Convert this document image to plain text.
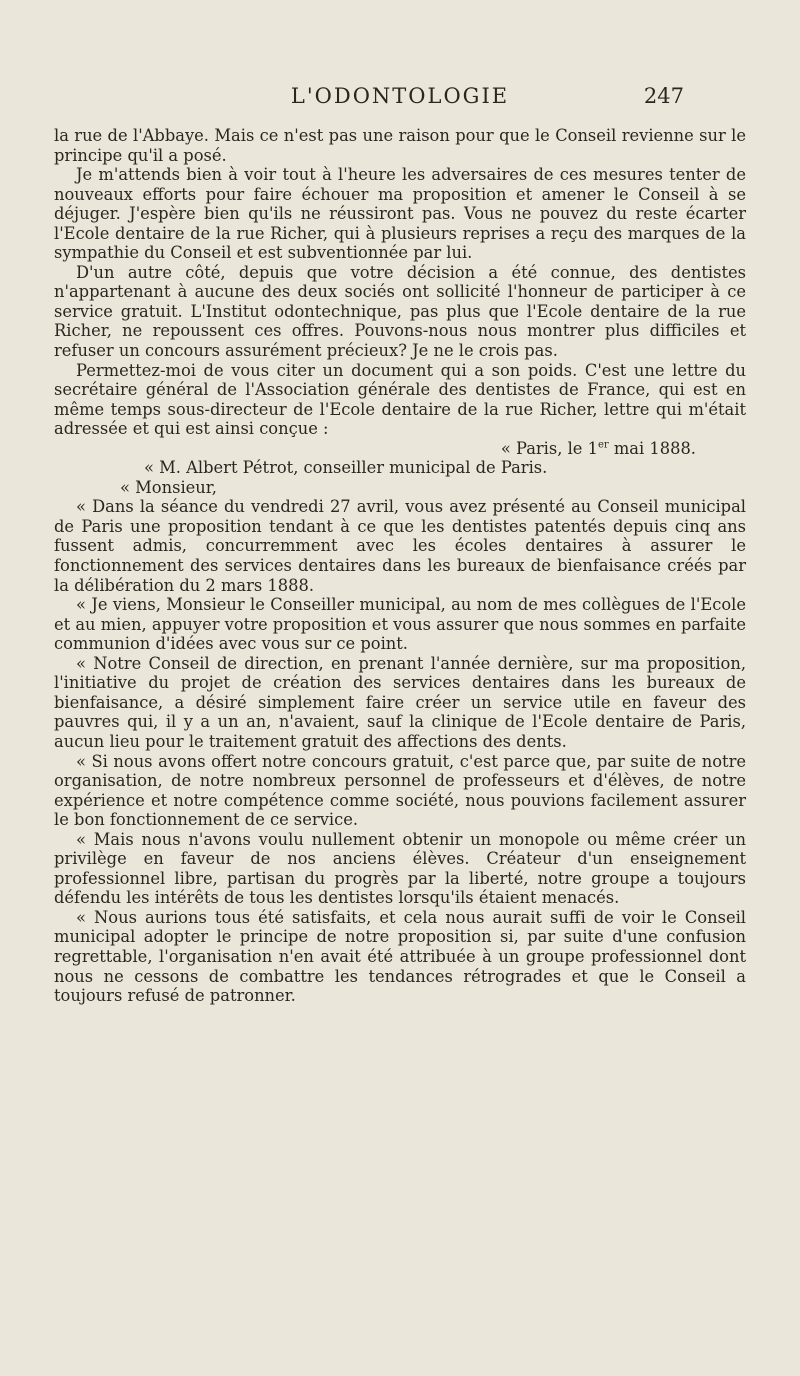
L'ODONTOLOGIE	247

la rue de l'Abbaye. Mais ce n'est pas une raison pour que le Conseil revienne sur le principe qu'il a posé.

Je m'attends bien à voir tout à l'heure les adversaires de ces mesures tenter de nouveaux efforts pour faire échouer ma proposition et amener le Conseil à se déjuger. J'espère bien qu'ils ne réussiront pas. Vous ne pouvez du reste écarter l'Ecole dentaire de la rue Richer, qui à plusieurs reprises a reçu des marques de la sympathie du Conseil et est subventionnée par lui.

D'un autre côté, depuis que votre décision a été connue, des dentistes n'appartenant à aucune des deux sociés ont sollicité l'honneur de participer à ce service gratuit. L'Institut odontechnique, pas plus que l'Ecole dentaire de la rue Richer, ne repoussent ces offres. Pouvons-nous nous montrer plus difficiles et refuser un concours assurément précieux? Je ne le crois pas.

Permettez-moi de vous citer un document qui a son poids. C'est une lettre du secrétaire général de l'Association générale des dentistes de France, qui est en même temps sous-directeur de l'Ecole dentaire de la rue Richer, lettre qui m'était adressée et qui est ainsi conçue :

« Paris, le 1er mai 1888.

« M. Albert Pétrot, conseiller municipal de Paris.

« Monsieur,

« Dans la séance du vendredi 27 avril, vous avez présenté au Conseil municipal de Paris une proposition tendant à ce que les dentistes patentés depuis cinq ans fussent admis, concurremment avec les écoles dentaires à assurer le fonctionnement des services dentaires dans les bureaux de bienfaisance créés par la délibération du 2 mars 1888.

« Je viens, Monsieur le Conseiller municipal, au nom de mes collègues de l'Ecole et au mien, appuyer votre proposition et vous assurer que nous sommes en parfaite communion d'idées avec vous sur ce point.

« Notre Conseil de direction, en prenant l'année dernière, sur ma proposition, l'initiative du projet de création des services dentaires dans les bureaux de bienfaisance, a désiré simplement faire créer un service utile en faveur des pauvres qui, il y a un an, n'avaient, sauf la clinique de l'Ecole dentaire de Paris, aucun lieu pour le traitement gratuit des affections des dents.

« Si nous avons offert notre concours gratuit, c'est parce que, par suite de notre organisation, de notre nombreux personnel de professeurs et d'élèves, de notre expérience et notre compétence comme société, nous pouvions facilement assurer le bon fonctionnement de ce service.

« Mais nous n'avons voulu nullement obtenir un monopole ou même créer un privilège en faveur de nos anciens élèves. Créateur d'un enseignement professionnel libre, partisan du progrès par la liberté, notre groupe a toujours défendu les intérêts de tous les dentistes lorsqu'ils étaient menacés.

« Nous aurions tous été satisfaits, et cela nous aurait suffi de voir le Conseil municipal adopter le principe de notre proposition si, par suite d'une confusion regrettable, l'organisation n'en avait été attribuée à un groupe professionnel dont nous ne cessons de combattre les tendances rétrogrades et que le Conseil a toujours refusé de patronner.
